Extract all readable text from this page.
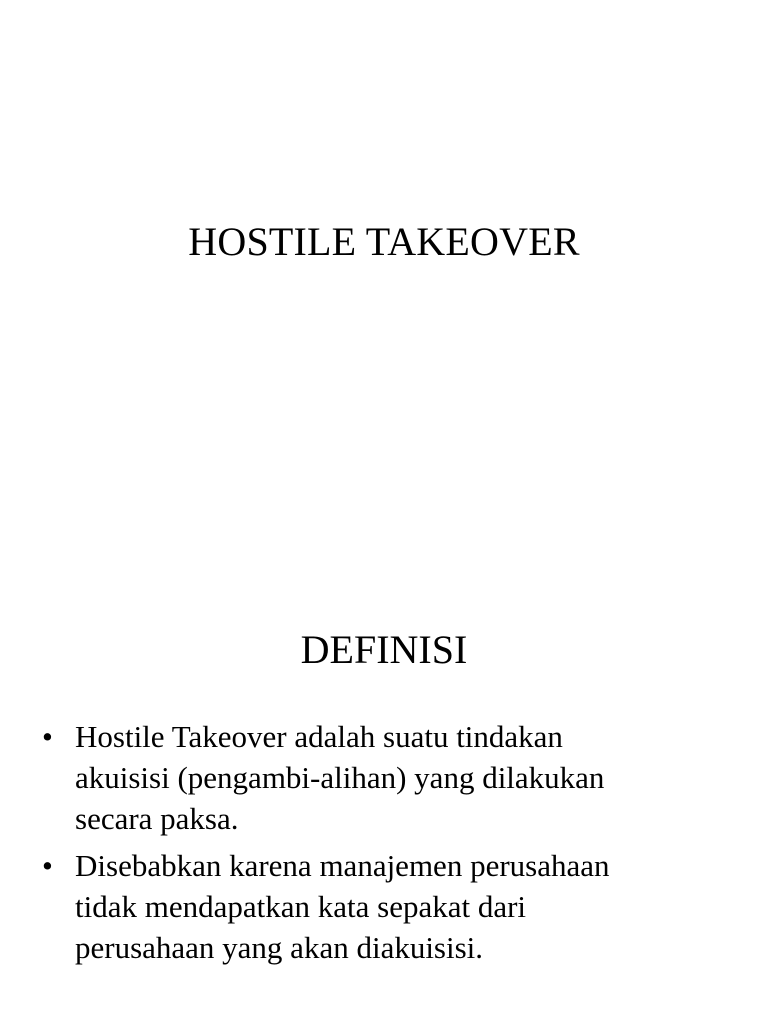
HOSTILE TAKEOVER
DEFINISI
• Hostile Takeover adalah suatu tindakan
akuisisi (pengambi-alihan) yang dilakukan
secara paksa.
• Disebabkan karena manajemen perusahaan
tidak mendapatkan kata sepakat dari
perusahaan yang akan diakuisisi.
